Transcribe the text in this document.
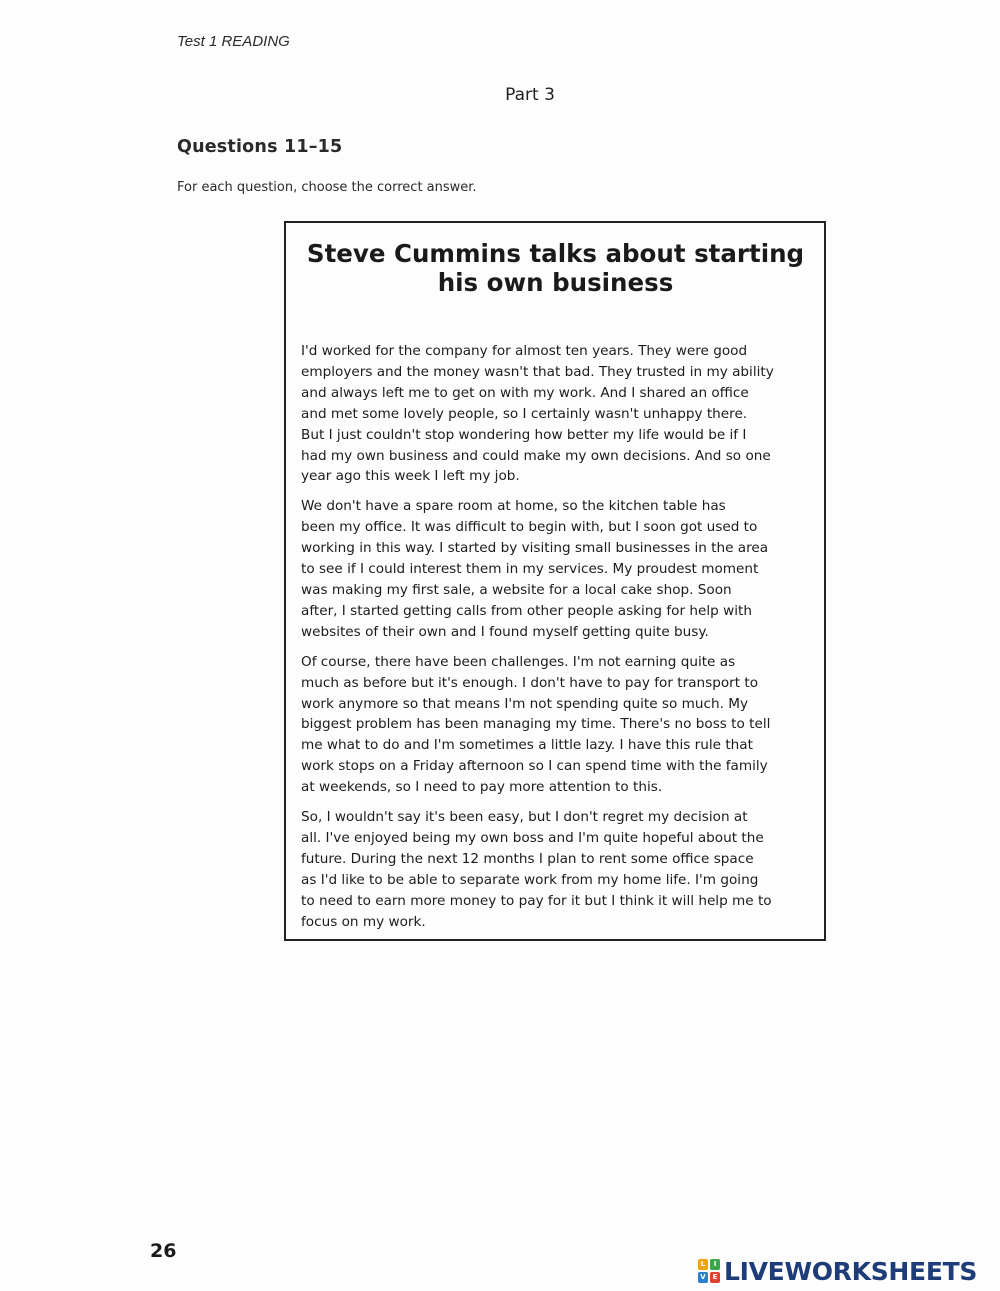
Test 1 READING
Part 3
Questions 11–15
For each question, choose the correct answer.
Steve Cummins talks about starting
his own business
I'd worked for the company for almost ten years. They were good
employers and the money wasn't that bad. They trusted in my ability
and always left me to get on with my work. And I shared an office
and met some lovely people, so I certainly wasn't unhappy there.
But I just couldn't stop wondering how better my life would be if I
had my own business and could make my own decisions. And so one
year ago this week I left my job.
We don't have a spare room at home, so the kitchen table has
been my office. It was difficult to begin with, but I soon got used to
working in this way. I started by visiting small businesses in the area
to see if I could interest them in my services. My proudest moment
was making my first sale, a website for a local cake shop. Soon
after, I started getting calls from other people asking for help with
websites of their own and I found myself getting quite busy.
Of course, there have been challenges. I'm not earning quite as
much as before but it's enough. I don't have to pay for transport to
work anymore so that means I'm not spending quite so much. My
biggest problem has been managing my time. There's no boss to tell
me what to do and I'm sometimes a little lazy. I have this rule that
work stops on a Friday afternoon so I can spend time with the family
at weekends, so I need to pay more attention to this.
So, I wouldn't say it's been easy, but I don't regret my decision at
all. I've enjoyed being my own boss and I'm quite hopeful about the
future. During the next 12 months I plan to rent some office space
as I'd like to be able to separate work from my home life. I'm going
to need to earn more money to pay for it but I think it will help me to
focus on my work.
26
L	I
V E LIVEWORKSHEETS
